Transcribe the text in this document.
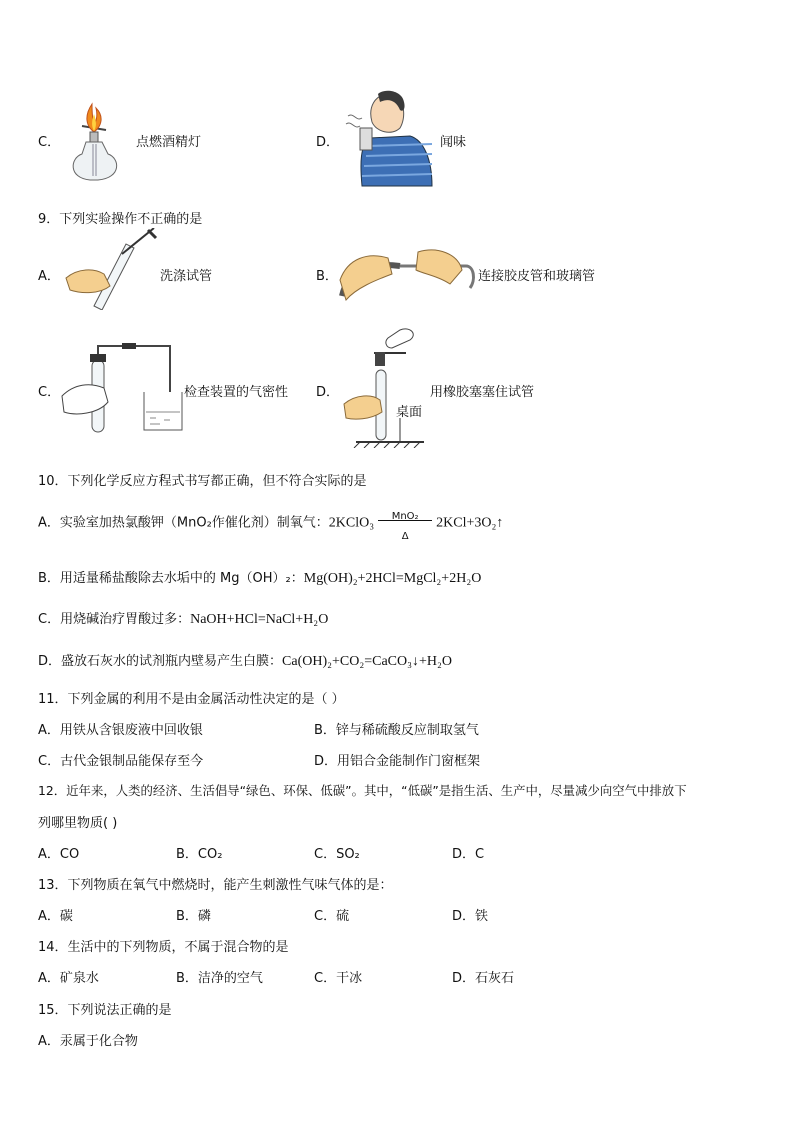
C．	点燃酒精灯	D．	闻味
9．下列实验操作不正确的是
A．	洗涤试管	B．	连接胶皮管和玻璃管
C．	检查装置的气密性 D．	用橡胶塞塞住试管
桌面
10．下列化学反应方程式书写都正确，但不符合实际的是
A．实验室加热氯酸钾（MnO₂作催化剂）制氧气：2KClO₃	MnO₂
Δ
2KCl+3O₂↑
B．用适量稀盐酸除去水垢中的 Mg（OH）₂：Mg(OH)₂+2HCl=MgCl₂+2H₂O
C．用烧碱治疗胃酸过多：NaOH+HCl=NaCl+H₂O
D．盛放石灰水的试剂瓶内壁易产生白膜：Ca(OH)₂+CO₂=CaCO₃↓+H₂O
11．下列金属的利用不是由金属活动性决定的是（ ）
A．用铁从含银废液中回收银	B．锌与稀硫酸反应制取氢气
C．古代金银制品能保存至今	D．用铝合金能制作门窗框架
12．近年来，人类的经济、生活倡导“绿色、环保、低碳”。其中，“低碳”是指生活、生产中，尽量减少向空气中排放下
列哪里物质( )
A．CO	B．CO₂	C．SO₂	D．C
13．下列物质在氧气中燃烧时，能产生刺激性气味气体的是：
A．碳	B．磷	C．硫	D．铁
14．生活中的下列物质，不属于混合物的是
A．矿泉水	B．洁净的空气	C．干冰	D．石灰石
15．下列说法正确的是
A．汞属于化合物
